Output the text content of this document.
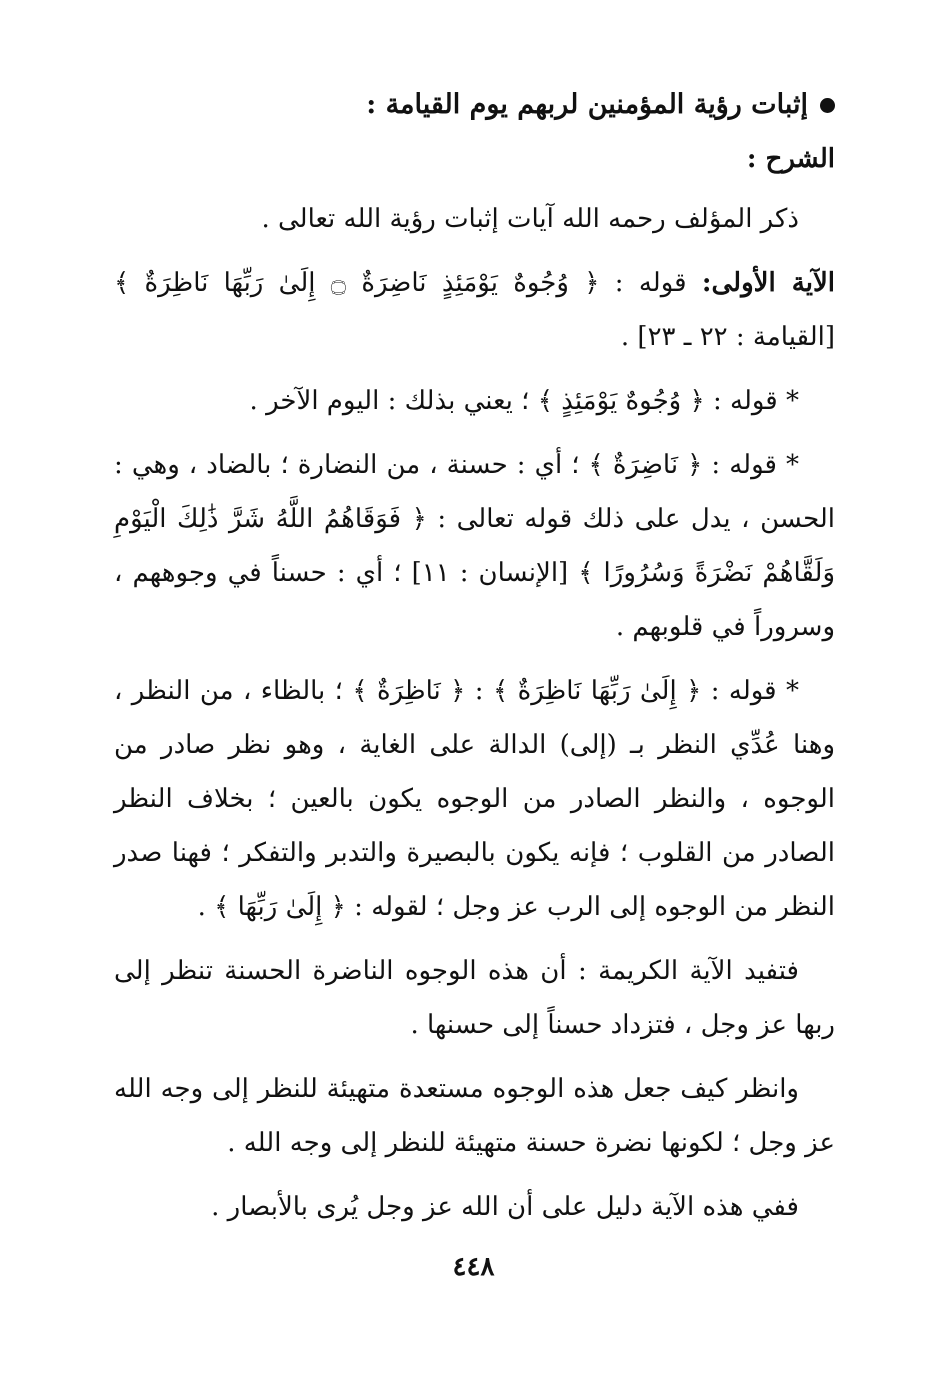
إثبات رؤية المؤمنين لربهم يوم القيامة :

الشرح :

ذكر المؤلف رحمه الله آيات إثبات رؤية الله تعالى .

الآية الأولى: قوله : ﴿ وُجُوهٌ يَوْمَئِذٍ نَاضِرَةٌ ۝ إِلَىٰ رَبِّهَا نَاظِرَةٌ ﴾ [القيامة : ٢٢ ـ ٢٣] .

* قوله : ﴿ وُجُوهٌ يَوْمَئِذٍ ﴾ ؛ يعني بذلك : اليوم الآخر .

* قوله : ﴿ نَاضِرَةٌ ﴾ ؛ أي : حسنة ، من النضارة ؛ بالضاد ، وهي : الحسن ، يدل على ذلك قوله تعالى : ﴿ فَوَقَاهُمُ اللَّهُ شَرَّ ذَٰلِكَ الْيَوْمِ وَلَقَّاهُمْ نَضْرَةً وَسُرُورًا ﴾ [الإنسان : ١١] ؛ أي : حسناً في وجوههم ، وسروراً في قلوبهم .

* قوله : ﴿ إِلَىٰ رَبِّهَا نَاظِرَةٌ ﴾ : ﴿ نَاظِرَةٌ ﴾ ؛ بالظاء ، من النظر ، وهنا عُدِّي النظر بـ (إلى) الدالة على الغاية ، وهو نظر صادر من الوجوه ، والنظر الصادر من الوجوه يكون بالعين ؛ بخلاف النظر الصادر من القلوب ؛ فإنه يكون بالبصيرة والتدبر والتفكر ؛ فهنا صدر النظر من الوجوه إلى الرب عز وجل ؛ لقوله : ﴿ إِلَىٰ رَبِّهَا ﴾ .

فتفيد الآية الكريمة : أن هذه الوجوه الناضرة الحسنة تنظر إلى ربها عز وجل ، فتزداد حسناً إلى حسنها .

وانظر كيف جعل هذه الوجوه مستعدة متهيئة للنظر إلى وجه الله عز وجل ؛ لكونها نضرة حسنة متهيئة للنظر إلى وجه الله .

ففي هذه الآية دليل على أن الله عز وجل يُرى بالأبصار .

٤٤٨
